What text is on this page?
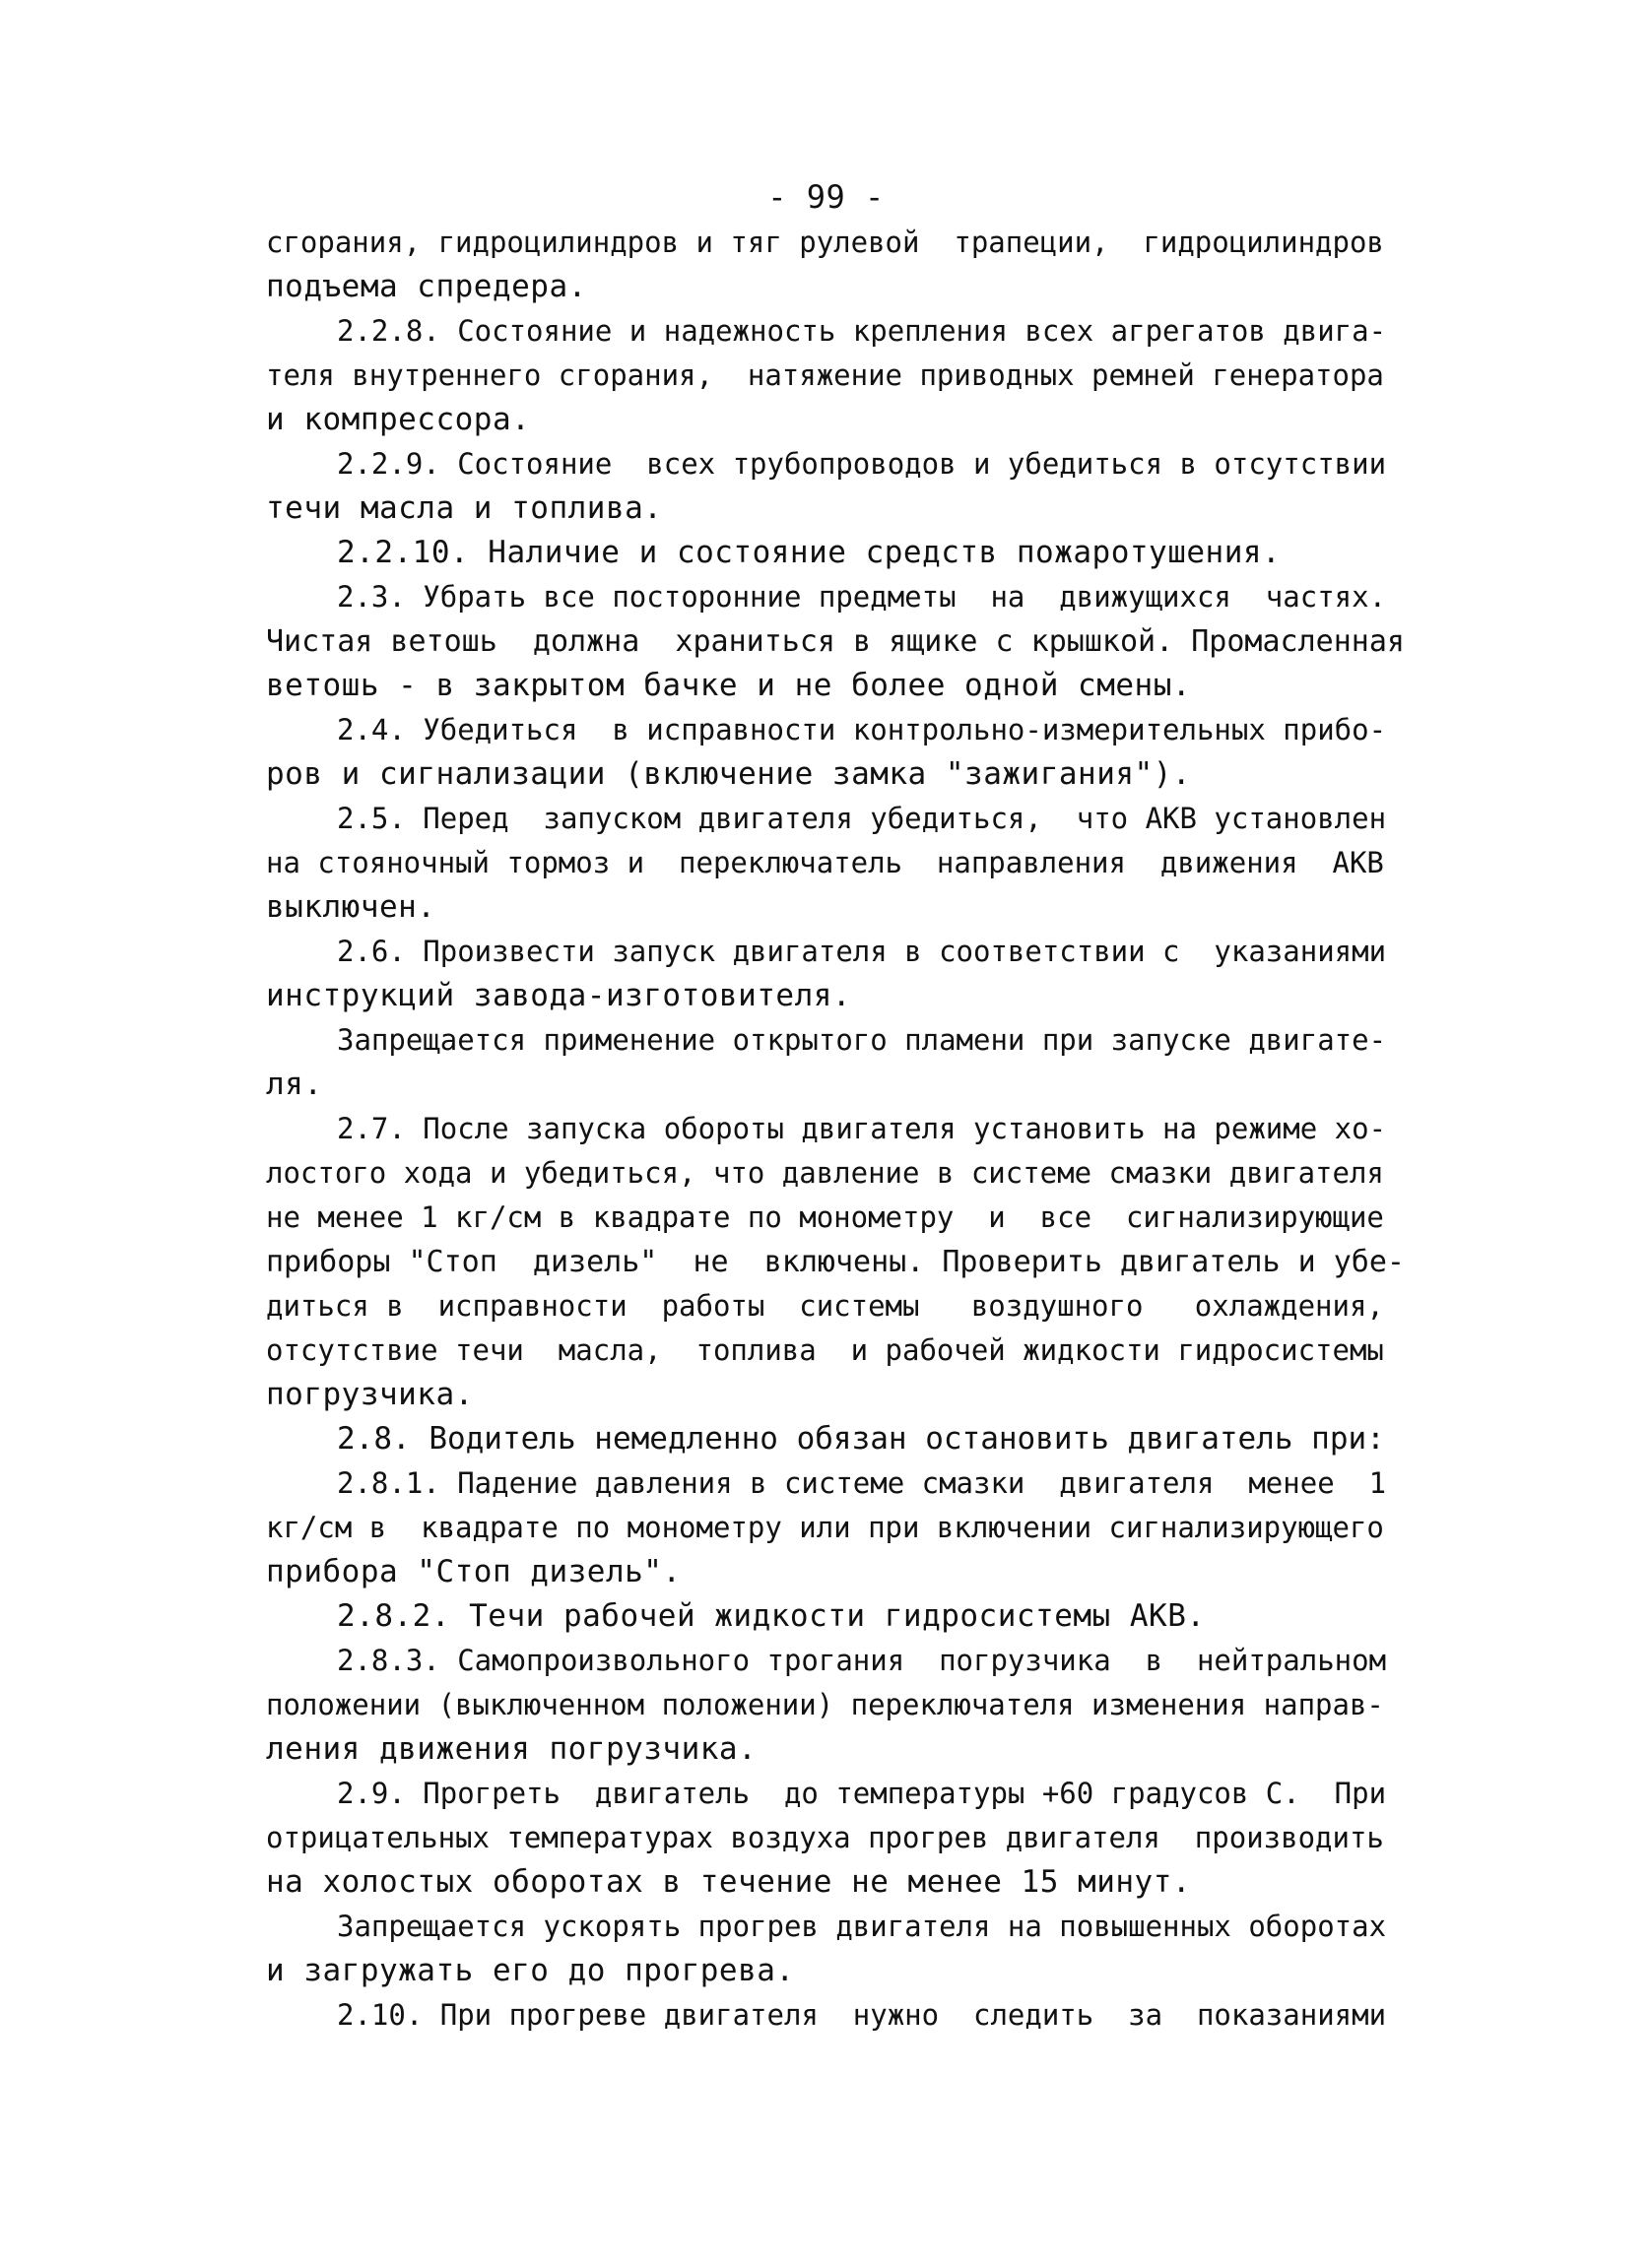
- 99 -
сгорания, гидроцилиндров и тяг рулевой  трапеции,  гидроцилиндров
подъема спредера.
2.2.8. Состояние и надежность крепления всех агрегатов двига-
теля внутреннего сгорания,  натяжение приводных ремней генератора
и компрессора.
2.2.9. Состояние  всех трубопроводов и убедиться в отсутствии
течи масла и топлива.
2.2.10. Наличие и состояние средств пожаротушения.
2.3. Убрать все посторонние предметы  на  движущихся  частях.
Чистая ветошь  должна  храниться в ящике с крышкой. Промасленная
ветошь - в закрытом бачке и не более одной смены.
2.4. Убедиться  в исправности контрольно-измерительных прибо-
ров и сигнализации (включение замка "зажигания").
2.5. Перед  запуском двигателя убедиться,  что АКВ установлен
на стояночный тормоз и  переключатель  направления  движения  АКВ
выключен.
2.6. Произвести запуск двигателя в соответствии с  указаниями
инструкций завода-изготовителя.
Запрещается применение открытого пламени при запуске двигате-
ля.
2.7. После запуска обороты двигателя установить на режиме хо-
лостого хода и убедиться, что давление в системе смазки двигателя
не менее 1 кг/см в квадрате по монометру  и  все  сигнализирующие
приборы "Стоп  дизель"  не  включены. Проверить двигатель и убе-
диться в  исправности  работы  системы   воздушного   охлаждения,
отсутствие течи  масла,  топлива  и рабочей жидкости гидросистемы
погрузчика.
2.8. Водитель немедленно обязан остановить двигатель при:
2.8.1. Падение давления в системе смазки  двигателя  менее  1
кг/см в  квадрате по монометру или при включении сигнализирующего
прибора "Стоп дизель".
2.8.2. Течи рабочей жидкости гидросистемы АКВ.
2.8.3. Самопроизвольного трогания  погрузчика  в  нейтральном
положении (выключенном положении) переключателя изменения направ-
ления движения погрузчика.
2.9. Прогреть  двигатель  до температуры +60 градусов С.  При
отрицательных температурах воздуха прогрев двигателя  производить
на холостых оборотах в течение не менее 15 минут.
Запрещается ускорять прогрев двигателя на повышенных оборотах
и загружать его до прогрева.
2.10. При прогреве двигателя  нужно  следить  за  показаниями
